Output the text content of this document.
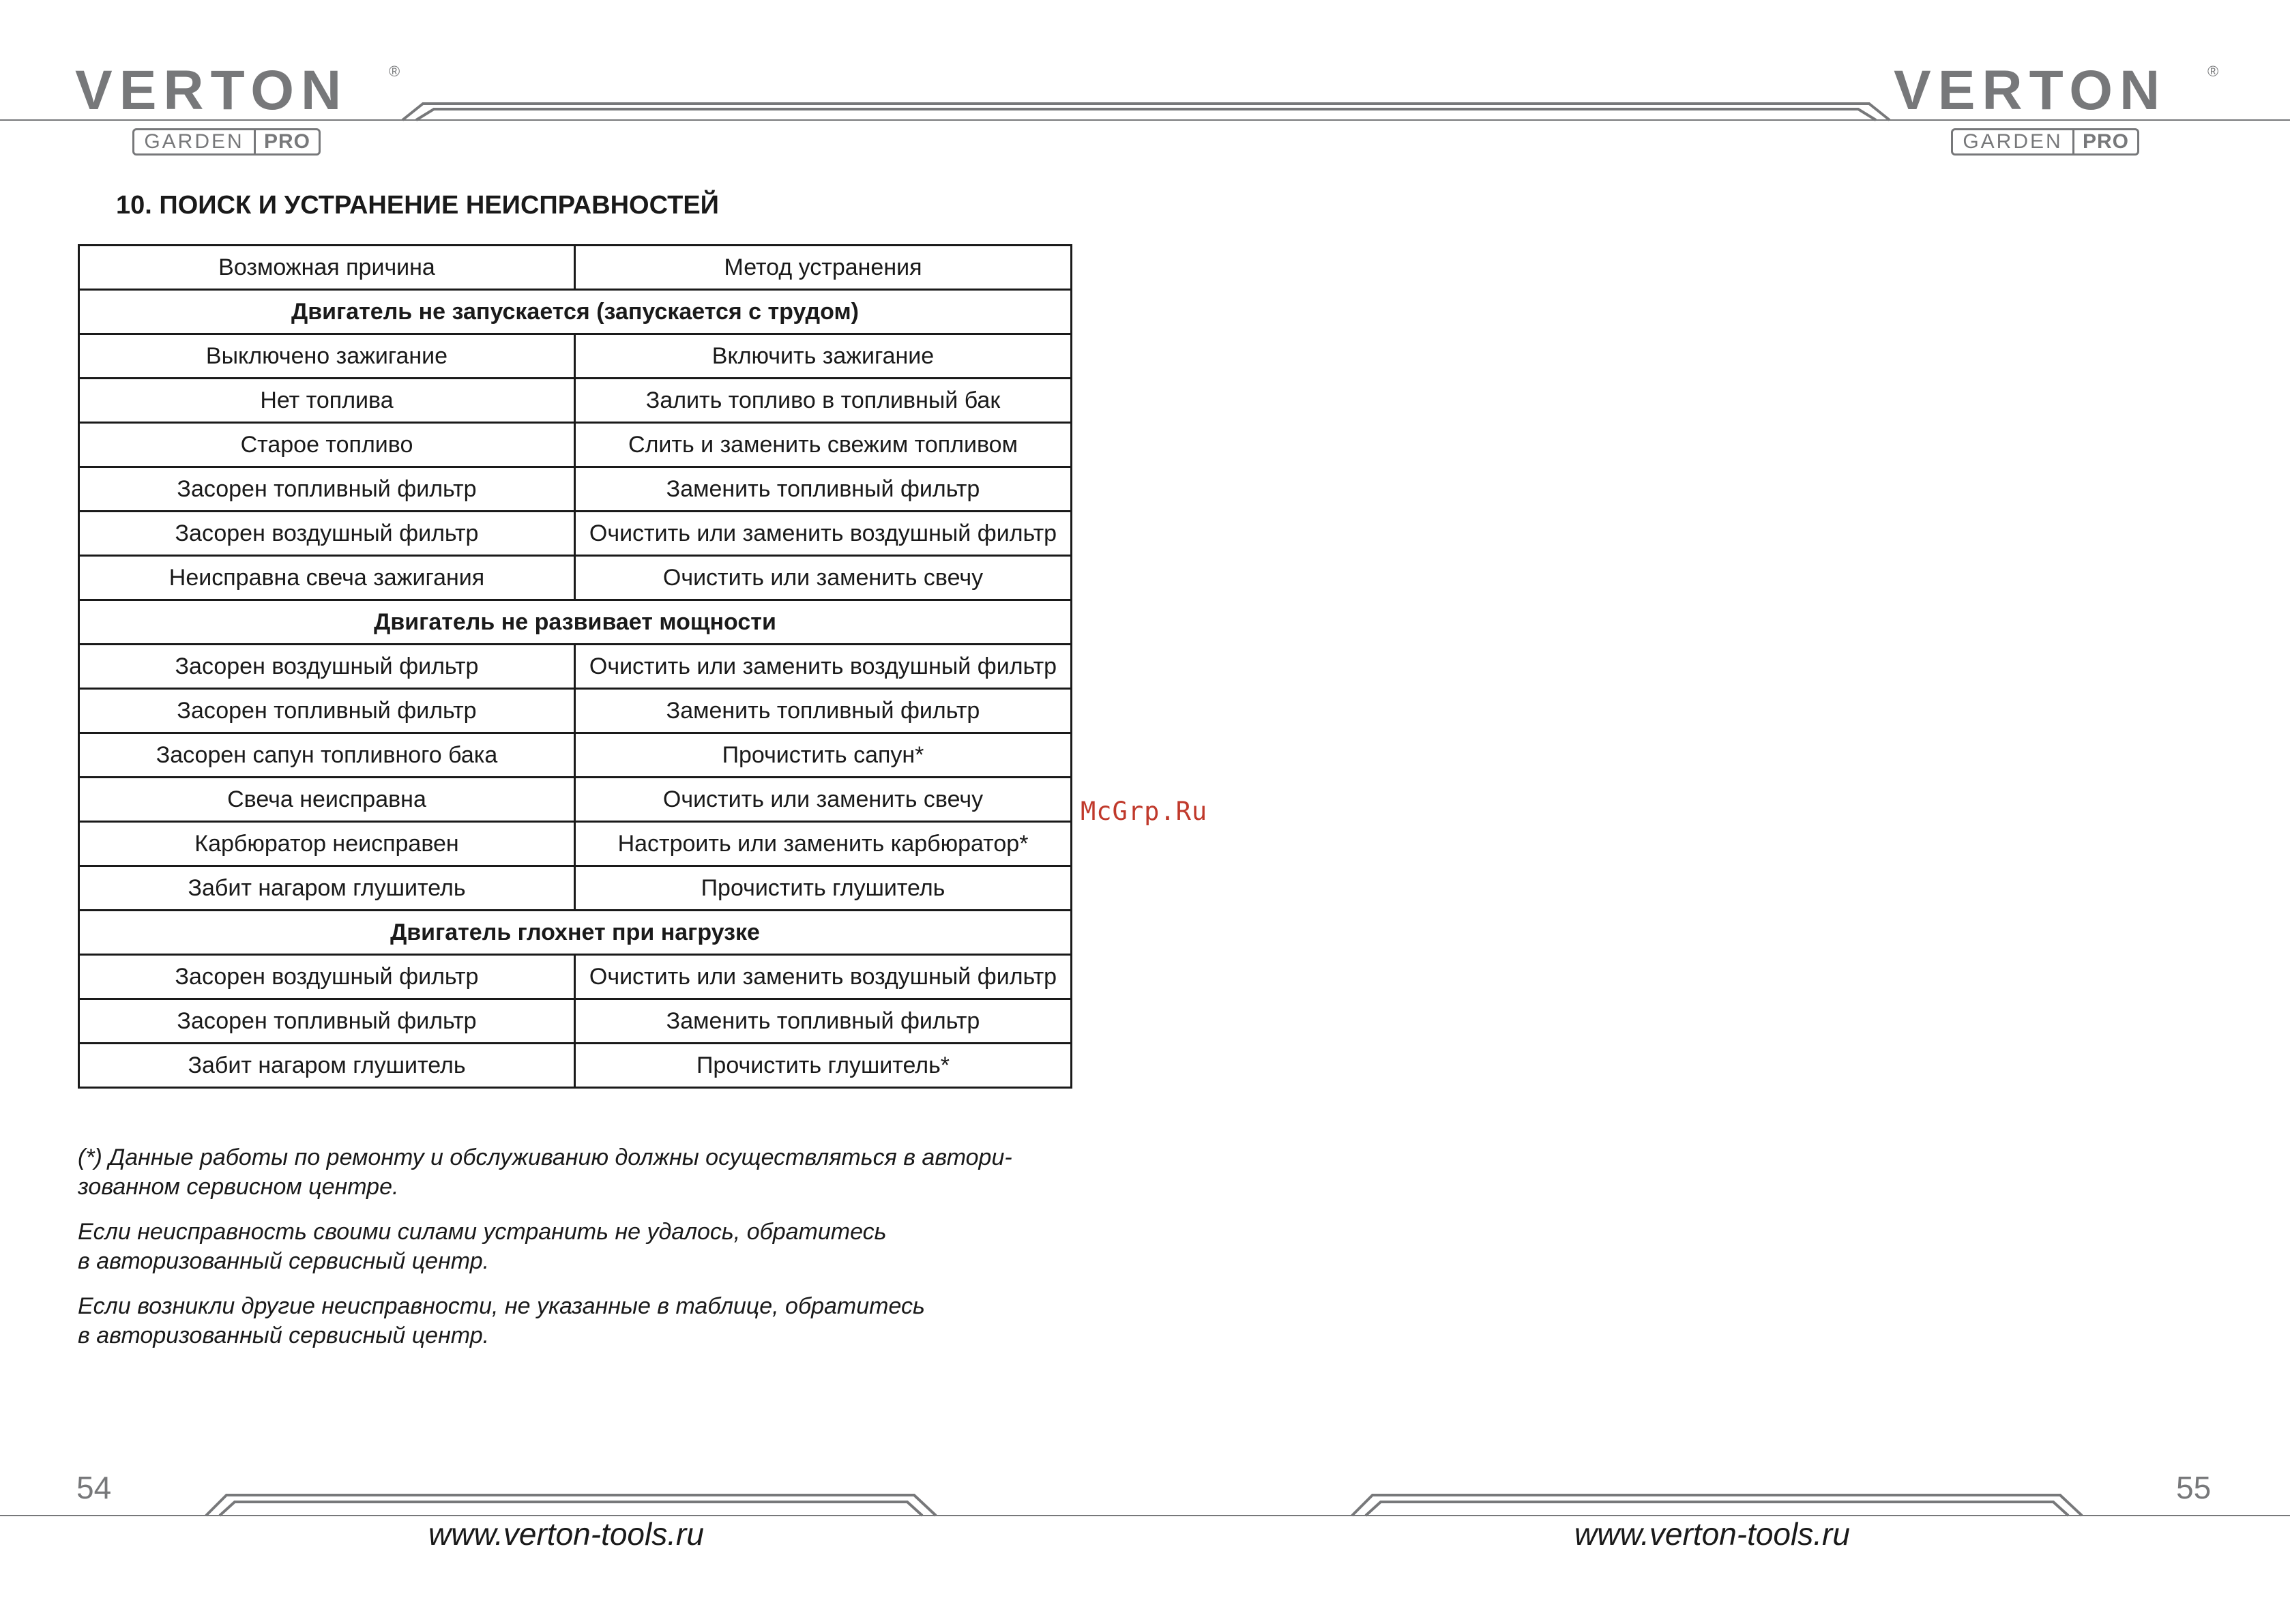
VERTON	®
GARDEN PRO
VERTON	®
GARDEN PRO
10. ПОИСК И УСТРАНЕНИЕ НЕИСПРАВНОСТЕЙ
Возможная причина	Метод устранения
Двигатель не запускается (запускается с трудом)	
Выключено зажигание	Включить зажигание
Нет топлива	Залить топливо в топливный бак
Старое топливо	Слить и заменить свежим топливом
Засорен топливный фильтр	Заменить топливный фильтр
Засорен воздушный фильтр	Очистить или заменить воздушный фильтр
Неисправна свеча зажигания	Очистить или заменить свечу
Двигатель не развивает мощности	
Засорен воздушный фильтр	Очистить или заменить воздушный фильтр
Засорен топливный фильтр	Заменить топливный фильтр
Засорен сапун топливного бака	Прочистить сапун*
Свеча неисправна	Очистить или заменить свечу
Карбюратор неисправен	Настроить или заменить карбюратор*
Забит нагаром глушитель	Прочистить глушитель
Двигатель глохнет при нагрузке	
Засорен воздушный фильтр	Очистить или заменить воздушный фильтр
Засорен топливный фильтр	Заменить топливный фильтр
Забит нагаром глушитель	Прочистить глушитель*
(*) Данные работы по ремонту и обслуживанию должны осуществляться в автори-
зованном сервисном центре.
Если неисправность своими силами устранить не удалось, обратитесь
в авторизованный сервисный центр.
Если возникли другие неисправности, не указанные в таблице, обратитесь
в авторизованный сервисный центр.
McGrp.Ru
54	55
www.verton-tools.ru	www.verton-tools.ru
